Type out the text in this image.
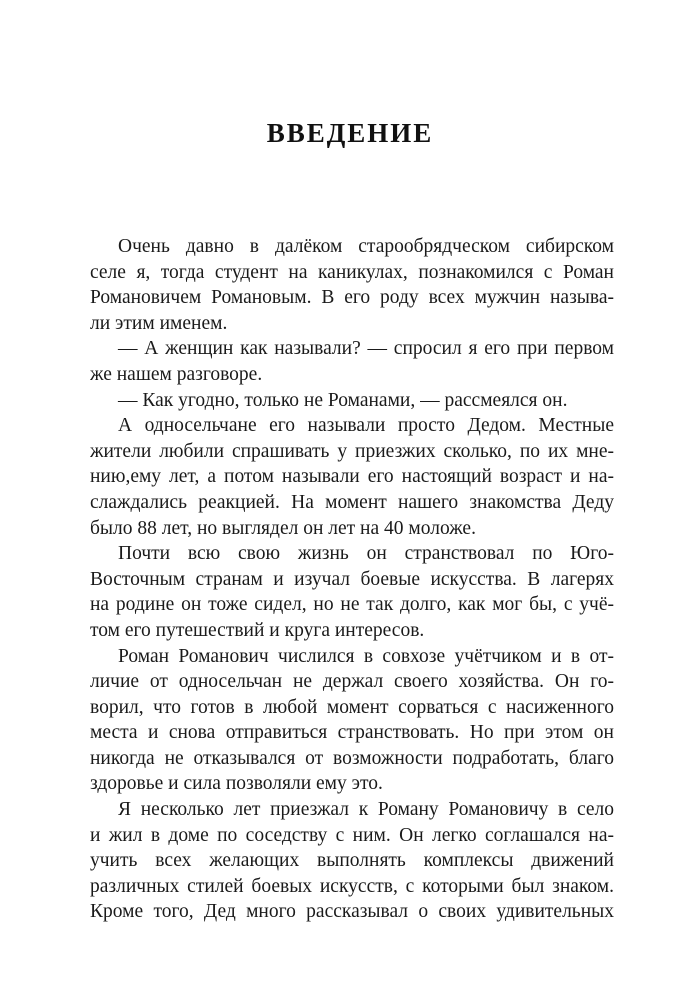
ВВЕДЕНИЕ
Очень давно в далёком старообрядческом сибирском
селе я, тогда студент на каникулах, познакомился с Роман
Романовичем Романовым. В его роду всех мужчин называ-
ли этим именем.
— А женщин как называли? — спросил я его при первом
же нашем разговоре.
— Как угодно, только не Романами, — рассмеялся он.
А односельчане его называли просто Дедом. Местные
жители любили спрашивать у приезжих сколько, по их мне-
нию,ему лет, а потом называли его настоящий возраст и на-
слаждались реакцией. На момент нашего знакомства Деду
было 88 лет, но выглядел он лет на 40 моложе.
Почти всю свою жизнь он странствовал по Юго-
Восточным странам и изучал боевые искусства. В лагерях
на родине он тоже сидел, но не так долго, как мог бы, с учё-
том его путешествий и круга интересов.
Роман Романович числился в совхозе учётчиком и в от-
личие от односельчан не держал своего хозяйства. Он го-
ворил, что готов в любой момент сорваться с насиженного
места и снова отправиться странствовать. Но при этом он
никогда не отказывался от возможности подработать, благо
здоровье и сила позволяли ему это.
Я несколько лет приезжал к Роману Романовичу в село
и жил в доме по соседству с ним. Он легко соглашался на-
учить всех желающих выполнять комплексы движений
различных стилей боевых искусств, с которыми был знаком.
Кроме того, Дед много рассказывал о своих удивительных
